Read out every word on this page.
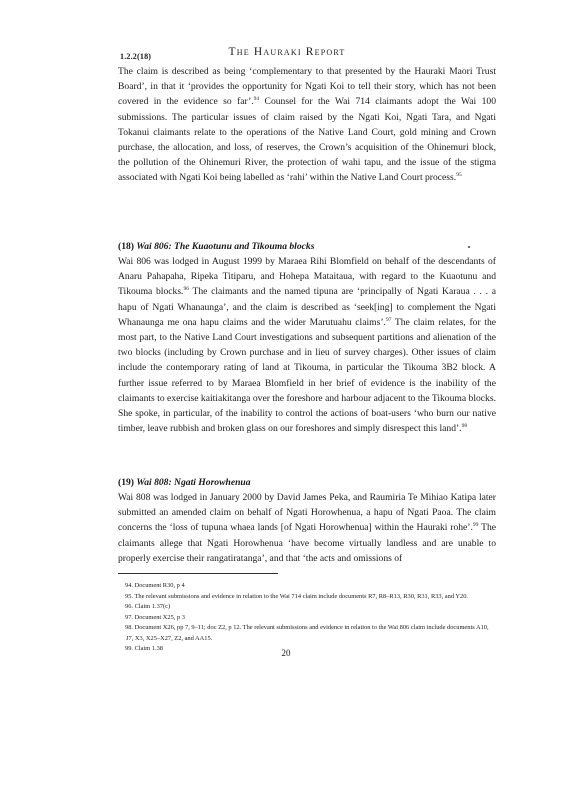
1.2.2(18)	The Hauraki Report

The claim is described as being ‘complementary to that presented by the Hauraki Maori Trust Board’, in that it ‘provides the opportunity for Ngati Koi to tell their story, which has not been covered in the evidence so far’.$^{94}$ Counsel for the Wai 714 claimants adopt the Wai 100 submissions. The particular issues of claim raised by the Ngati Koi, Ngati Tara, and Ngati Tokanui claimants relate to the operations of the Native Land Court, gold mining and Crown purchase, the allocation, and loss, of reserves, the Crown’s acquisition of the Ohinemuri block, the pollution of the Ohinemuri River, the protection of wahi tapu, and the issue of the stigma associated with Ngati Koi being labelled as ‘rahi’ within the Native Land Court process.$^{95}$

(18) Wai 806: The Kuaotunu and Tikouma blocks

Wai 806 was lodged in August 1999 by Maraea Rihi Blomfield on behalf of the descendants of Anaru Pahapaha, Ripeka Titiparu, and Hohepa Mataitaua, with regard to the Kuaotunu and Tikouma blocks.$^{96}$ The claimants and the named tipuna are ‘principally of Ngati Karaua . . . a hapu of Ngati Whanaunga’, and the claim is described as ‘seek[ing] to complement the Ngati Whanaunga me ona hapu claims and the wider Marutuahu claims’.$^{97}$ The claim relates, for the most part, to the Native Land Court investigations and subsequent partitions and alienation of the two blocks (including by Crown purchase and in lieu of survey charges). Other issues of claim include the contemporary rating of land at Tikouma, in particular the Tikouma 3B2 block. A further issue referred to by Maraea Blomfield in her brief of evidence is the inability of the claimants to exercise kaitiakitanga over the foreshore and harbour adjacent to the Tikouma blocks. She spoke, in particular, of the inability to control the actions of boat-users ‘who burn our native timber, leave rubbish and broken glass on our foreshores and simply disrespect this land’.$^{98}$

(19) Wai 808: Ngati Horowhenua

Wai 808 was lodged in January 2000 by David James Peka, and Raumiria Te Mihiao Katipa later submitted an amended claim on behalf of Ngati Horowhenua, a hapu of Ngati Paoa. The claim concerns the ‘loss of tupuna whaea lands [of Ngati Horowhenua] within the Hauraki rohe’.$^{99}$ The claimants allege that Ngati Horowhenua ‘have become virtually landless and are unable to properly exercise their rangatiratanga’, and that ‘the acts and omissions of

94. Document R30, p 4
95. The relevant submissions and evidence in relation to the Wai 714 claim include documents R7, R8–R13, R30, R31, R33, and Y20.
96. Claim 1.37(c)
97. Document X25, p 3
98. Document X26, pp 7, 9–11; doc Z2, p 12. The relevant submissions and evidence in relation to the Wai 806 claim include documents A10, J7, X3, X25–X27, Z2, and AA15.
99. Claim 1.38	20
